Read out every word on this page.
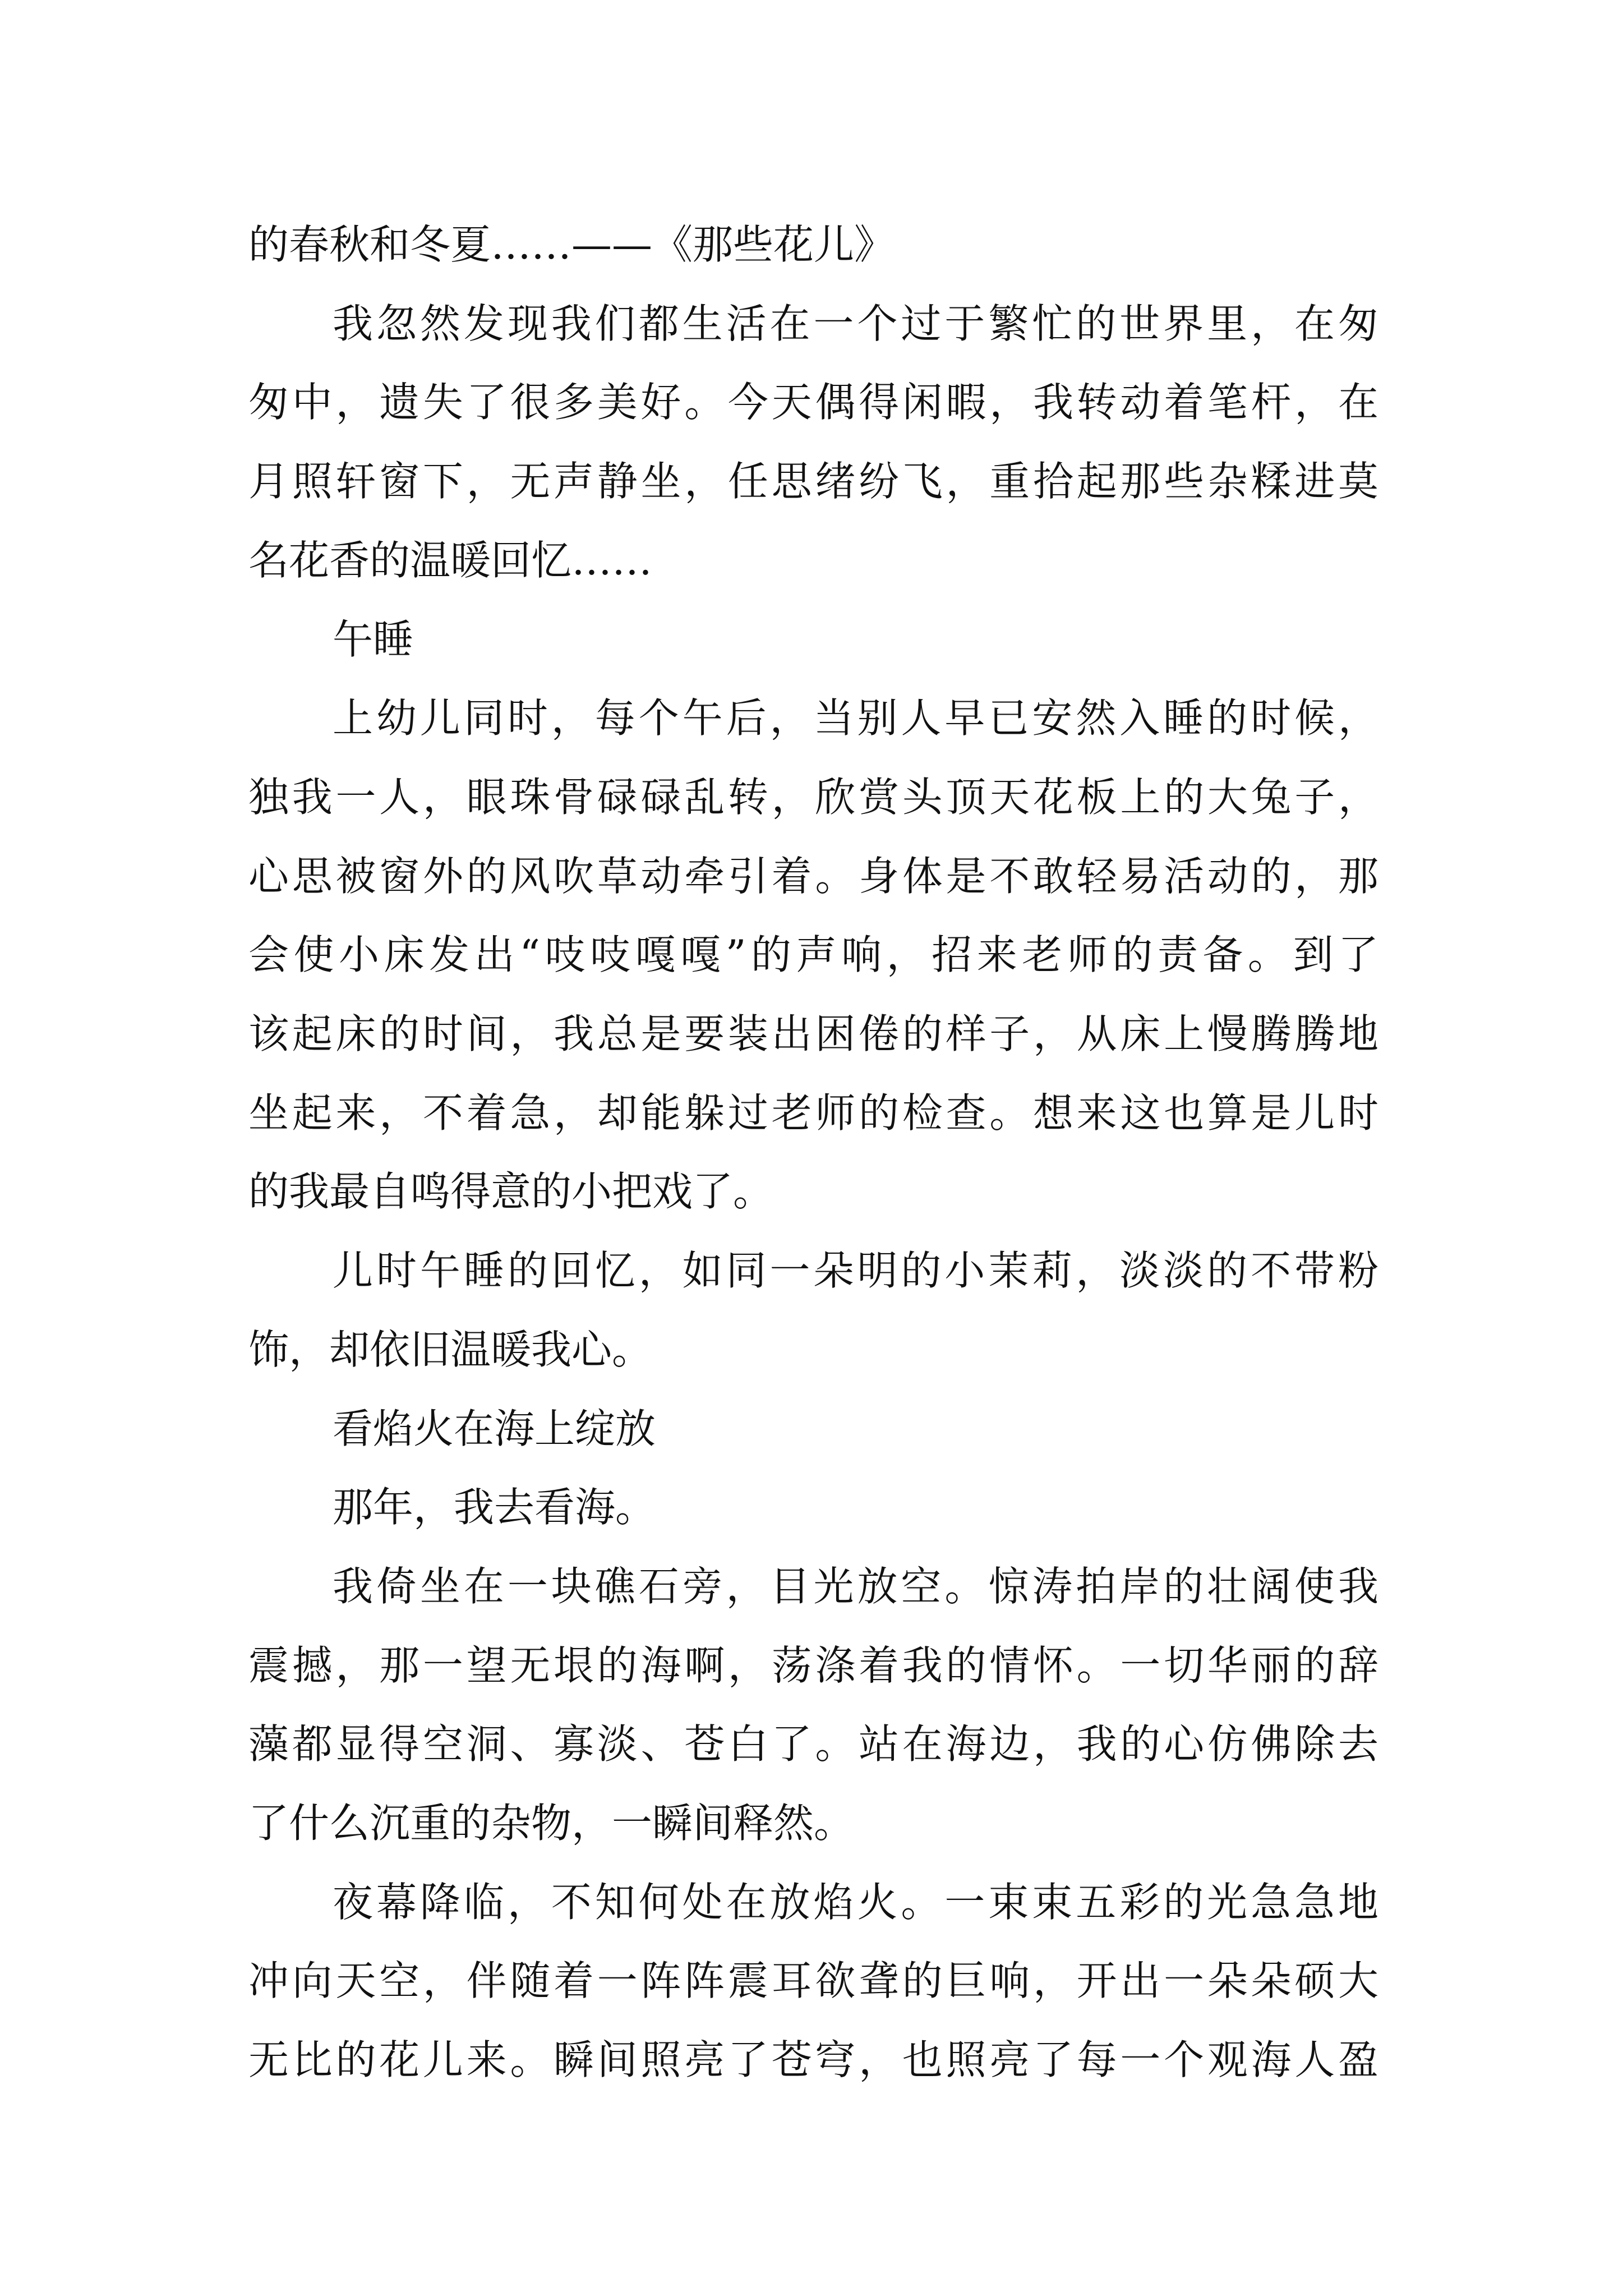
的春秋和冬夏……——《那些花儿》

我忽然发现我们都生活在一个过于繁忙的世界里，在匆
匆中，遗失了很多美好。今天偶得闲暇，我转动着笔杆，在
月照轩窗下，无声静坐，任思绪纷飞，重拾起那些杂糅进莫
名花香的温暖回忆……

午睡

上幼儿同时，每个午后，当别人早已安然入睡的时候，
独我一人，眼珠骨碌碌乱转，欣赏头顶天花板上的大兔子，
心思被窗外的风吹草动牵引着。身体是不敢轻易活动的，那
会使小床发出“吱吱嘎嘎”的声响，招来老师的责备。到了
该起床的时间，我总是要装出困倦的样子，从床上慢腾腾地
坐起来，不着急，却能躲过老师的检查。想来这也算是儿时
的我最自鸣得意的小把戏了。

儿时午睡的回忆，如同一朵明的小茉莉，淡淡的不带粉
饰，却依旧温暖我心。

看焰火在海上绽放

那年，我去看海。

我倚坐在一块礁石旁，目光放空。惊涛拍岸的壮阔使我
震撼，那一望无垠的海啊，荡涤着我的情怀。一切华丽的辞
藻都显得空洞、寡淡、苍白了。站在海边，我的心仿佛除去
了什么沉重的杂物，一瞬间释然。

夜幕降临，不知何处在放焰火。一束束五彩的光急急地
冲向天空，伴随着一阵阵震耳欲聋的巨响，开出一朵朵硕大
无比的花儿来。瞬间照亮了苍穹，也照亮了每一个观海人盈
